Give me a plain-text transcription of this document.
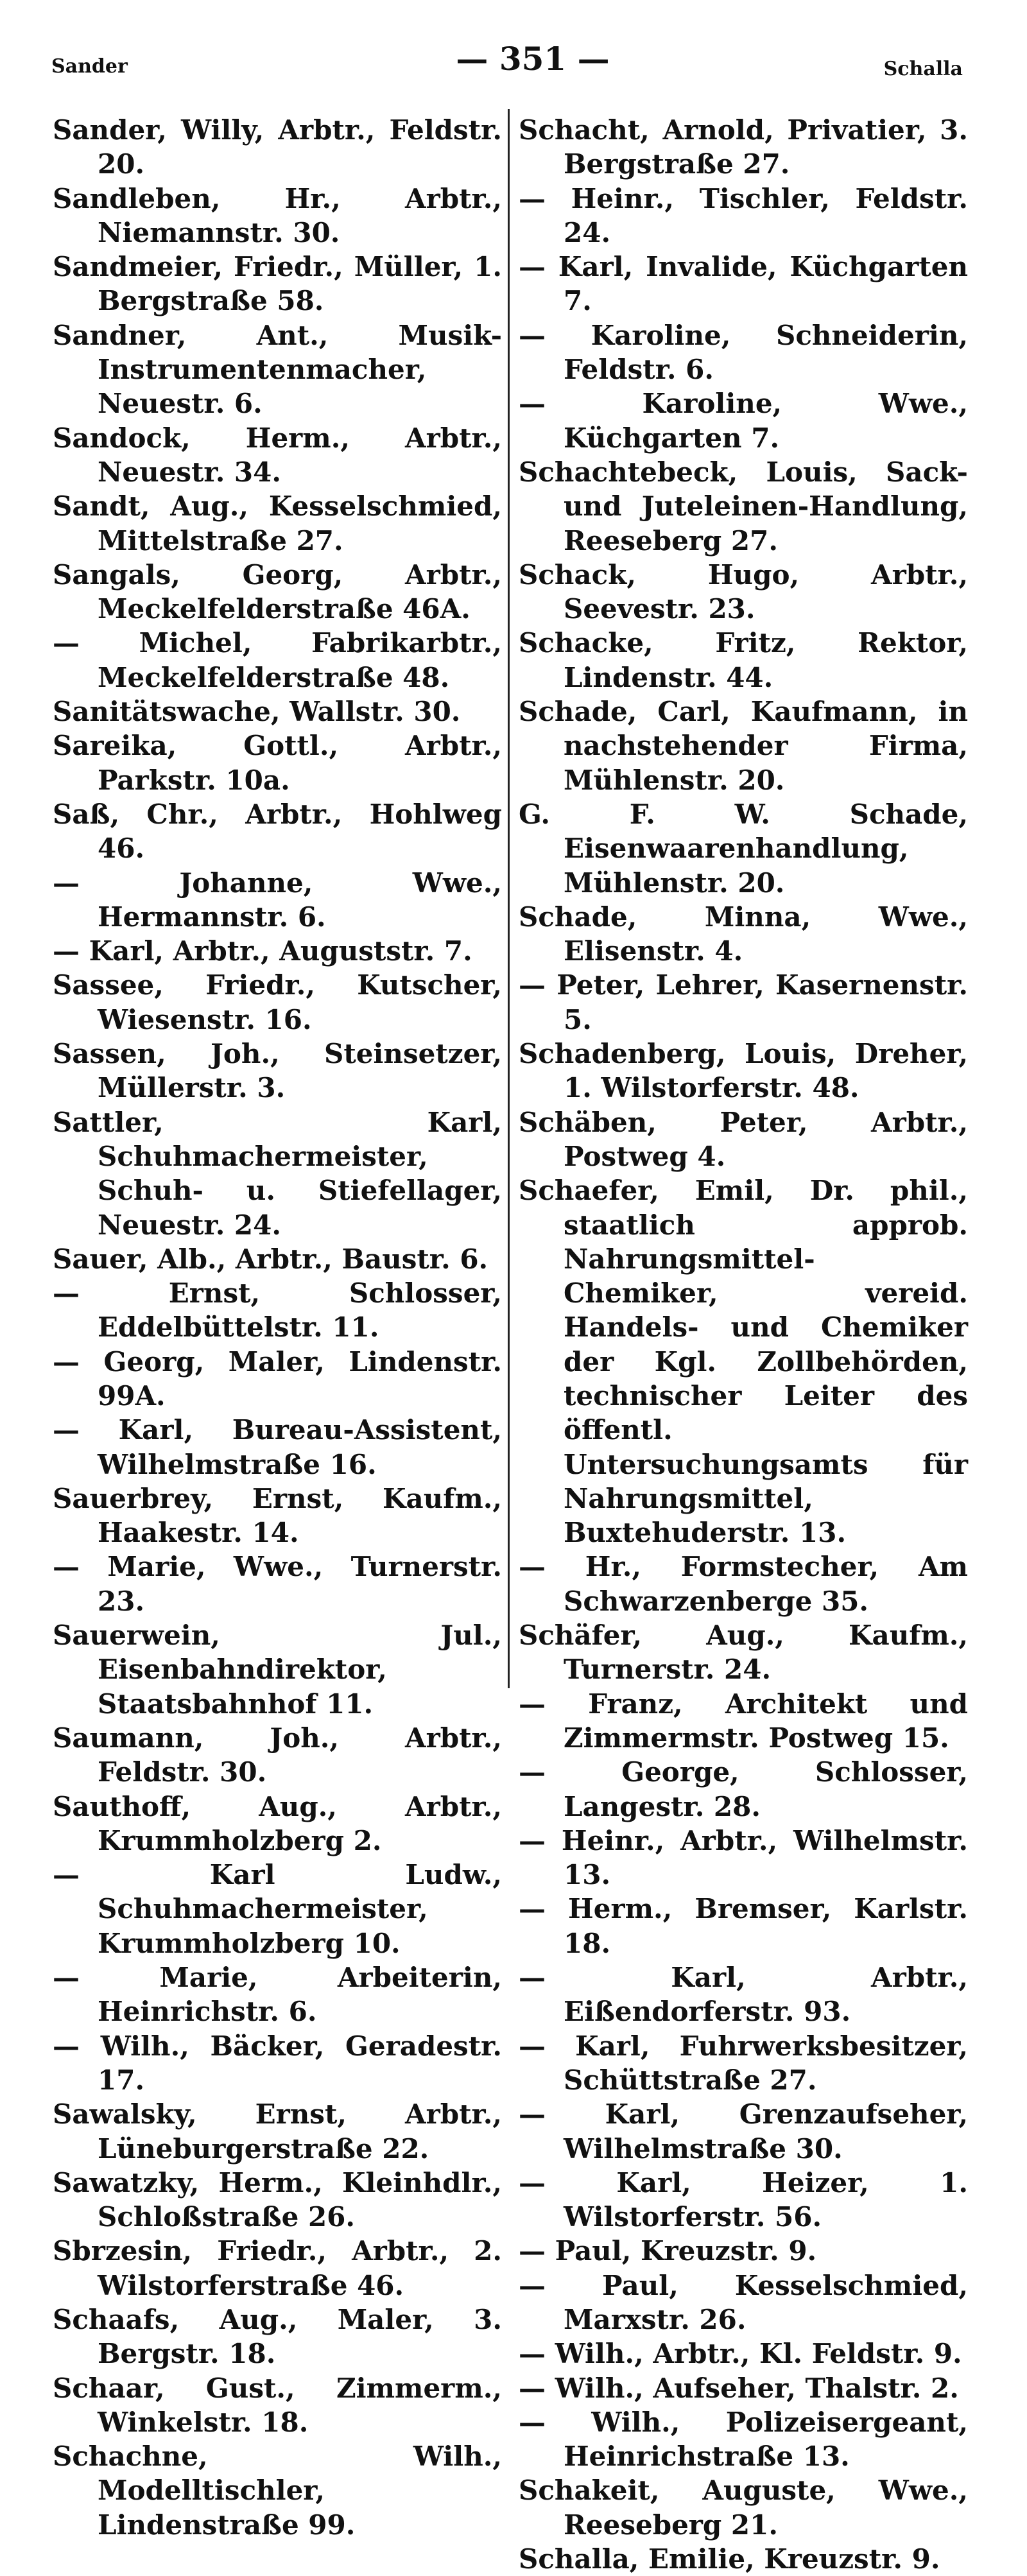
Sander	— 351 —	Schalla

Sander, Willy, Arbtr., Feldstr. 20.

Sandleben, Hr., Arbtr., Niemannstr. 30.

Sandmeier, Friedr., Müller, 1. Bergstraße 58.

Sandner, Ant., Musik-Instrumentenmacher, Neuestr. 6.

Sandock, Herm., Arbtr., Neuestr. 34.

Sandt, Aug., Kesselschmied, Mittelstraße 27.

Sangals, Georg, Arbtr., Meckelfelderstraße 46A.

— Michel, Fabrikarbtr., Meckelfelderstraße 48.

Sanitätswache, Wallstr. 30.

Sareika, Gottl., Arbtr., Parkstr. 10a.

Saß, Chr., Arbtr., Hohlweg 46.

— Johanne, Wwe., Hermannstr. 6.

— Karl, Arbtr., Auguststr. 7.

Sassee, Friedr., Kutscher, Wiesenstr. 16.

Sassen, Joh., Steinsetzer, Müllerstr. 3.

Sattler, Karl, Schuhmachermeister, Schuh- u. Stiefellager, Neuestr. 24.

Sauer, Alb., Arbtr., Baustr. 6.

— Ernst, Schlosser, Eddelbüttelstr. 11.

— Georg, Maler, Lindenstr. 99A.

— Karl, Bureau-Assistent, Wilhelmstraße 16.

Sauerbrey, Ernst, Kaufm., Haakestr. 14.

— Marie, Wwe., Turnerstr. 23.

Sauerwein, Jul., Eisenbahndirektor, Staatsbahnhof 11.

Saumann, Joh., Arbtr., Feldstr. 30.

Sauthoff, Aug., Arbtr., Krummholzberg 2.

— Karl Ludw., Schuhmachermeister, Krummholzberg 10.

— Marie, Arbeiterin, Heinrichstr. 6.

— Wilh., Bäcker, Geradestr. 17.

Sawalsky, Ernst, Arbtr., Lüneburgerstraße 22.

Sawatzky, Herm., Kleinhdlr., Schloßstraße 26.

Sbrzesin, Friedr., Arbtr., 2. Wilstorferstraße 46.

Schaafs, Aug., Maler, 3. Bergstr. 18.

Schaar, Gust., Zimmerm., Winkelstr. 18.

Schachne, Wilh., Modelltischler, Lindenstraße 99.

Schacht, Arnold, Privatier, 3. Bergstraße 27.

— Heinr., Tischler, Feldstr. 24.

— Karl, Invalide, Küchgarten 7.

— Karoline, Schneiderin, Feldstr. 6.

— Karoline, Wwe., Küchgarten 7.

Schachtebeck, Louis, Sack- und Juteleinen-Handlung, Reeseberg 27.

Schack, Hugo, Arbtr., Seevestr. 23.

Schacke, Fritz, Rektor, Lindenstr. 44.

Schade, Carl, Kaufmann, in nachstehender Firma, Mühlenstr. 20.

G. F. W. Schade, Eisenwaarenhandlung, Mühlenstr. 20.

Schade, Minna, Wwe., Elisenstr. 4.

— Peter, Lehrer, Kasernenstr. 5.

Schadenberg, Louis, Dreher, 1. Wilstorferstr. 48.

Schäben, Peter, Arbtr., Postweg 4.

Schaefer, Emil, Dr. phil., staatlich approb. Nahrungsmittel-Chemiker, vereid. Handels- und Chemiker der Kgl. Zollbehörden, technischer Leiter des öffentl. Untersuchungsamts für Nahrungsmittel, Buxtehuderstr. 13.

— Hr., Formstecher, Am Schwarzenberge 35.

Schäfer, Aug., Kaufm., Turnerstr. 24.

— Franz, Architekt und Zimmermstr. Postweg 15.

— George, Schlosser, Langestr. 28.

— Heinr., Arbtr., Wilhelmstr. 13.

— Herm., Bremser, Karlstr. 18.

— Karl, Arbtr., Eißendorferstr. 93.

— Karl, Fuhrwerksbesitzer, Schüttstraße 27.

— Karl, Grenzaufseher, Wilhelmstraße 30.

— Karl, Heizer, 1. Wilstorferstr. 56.

— Paul, Kreuzstr. 9.

— Paul, Kesselschmied, Marxstr. 26.

— Wilh., Arbtr., Kl. Feldstr. 9.

— Wilh., Aufseher, Thalstr. 2.

— Wilh., Polizeisergeant, Heinrichstraße 13.

Schakeit, Auguste, Wwe., Reeseberg 21.

Schalla, Emilie, Kreuzstr. 9.
